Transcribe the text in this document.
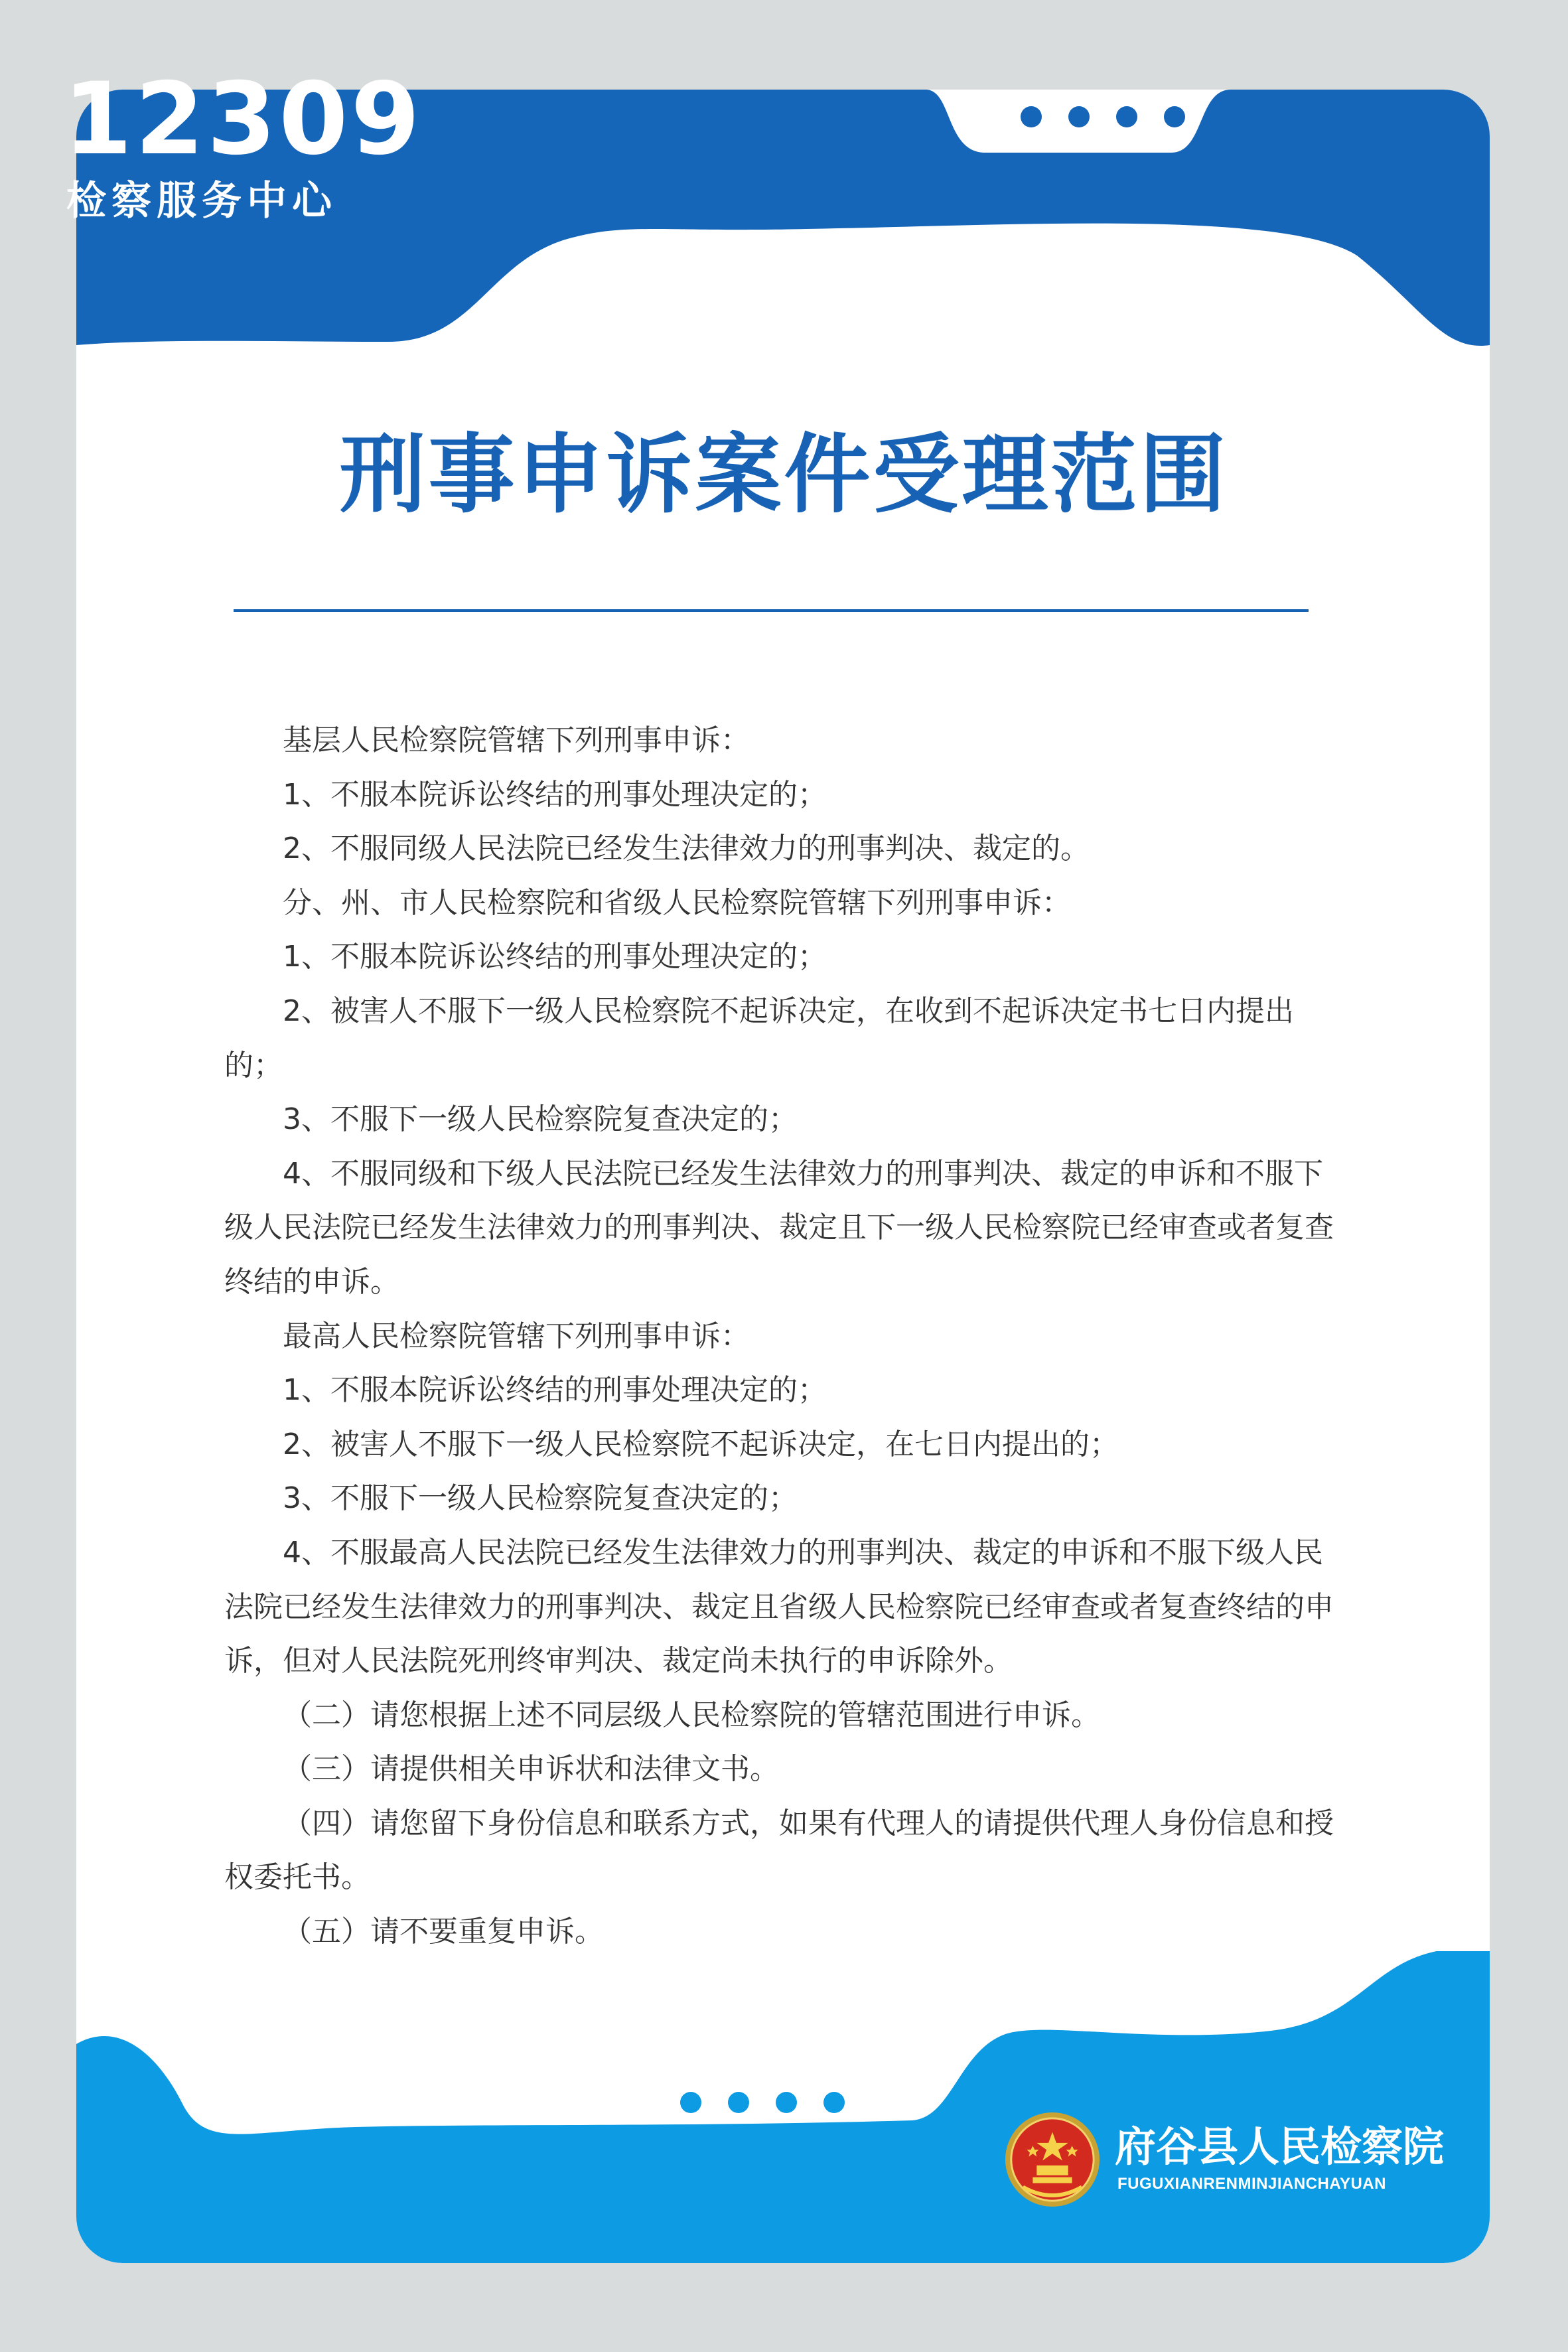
12309
检察服务中心
刑事申诉案件受理范围

基层人民检察院管辖下列刑事申诉：

1、不服本院诉讼终结的刑事处理决定的；

2、不服同级人民法院已经发生法律效力的刑事判决、裁定的。

分、州、市人民检察院和省级人民检察院管辖下列刑事申诉：

1、不服本院诉讼终结的刑事处理决定的；

2、被害人不服下一级人民检察院不起诉决定，在收到不起诉决定书七日内提出的；

3、不服下一级人民检察院复查决定的；

4、不服同级和下级人民法院已经发生法律效力的刑事判决、裁定的申诉和不服下级人民法院已经发生法律效力的刑事判决、裁定且下一级人民检察院已经审查或者复查终结的申诉。

最高人民检察院管辖下列刑事申诉：

1、不服本院诉讼终结的刑事处理决定的；

2、被害人不服下一级人民检察院不起诉决定，在七日内提出的；

3、不服下一级人民检察院复查决定的；

4、不服最高人民法院已经发生法律效力的刑事判决、裁定的申诉和不服下级人民法院已经发生法律效力的刑事判决、裁定且省级人民检察院已经审查或者复查终结的申诉，但对人民法院死刑终审判决、裁定尚未执行的申诉除外。

（二）请您根据上述不同层级人民检察院的管辖范围进行申诉。

（三）请提供相关申诉状和法律文书。

（四）请您留下身份信息和联系方式，如果有代理人的请提供代理人身份信息和授权委托书。

（五）请不要重复申诉。

府谷县人民检察院
FUGUXIANRENMINJIANCHAYUAN
